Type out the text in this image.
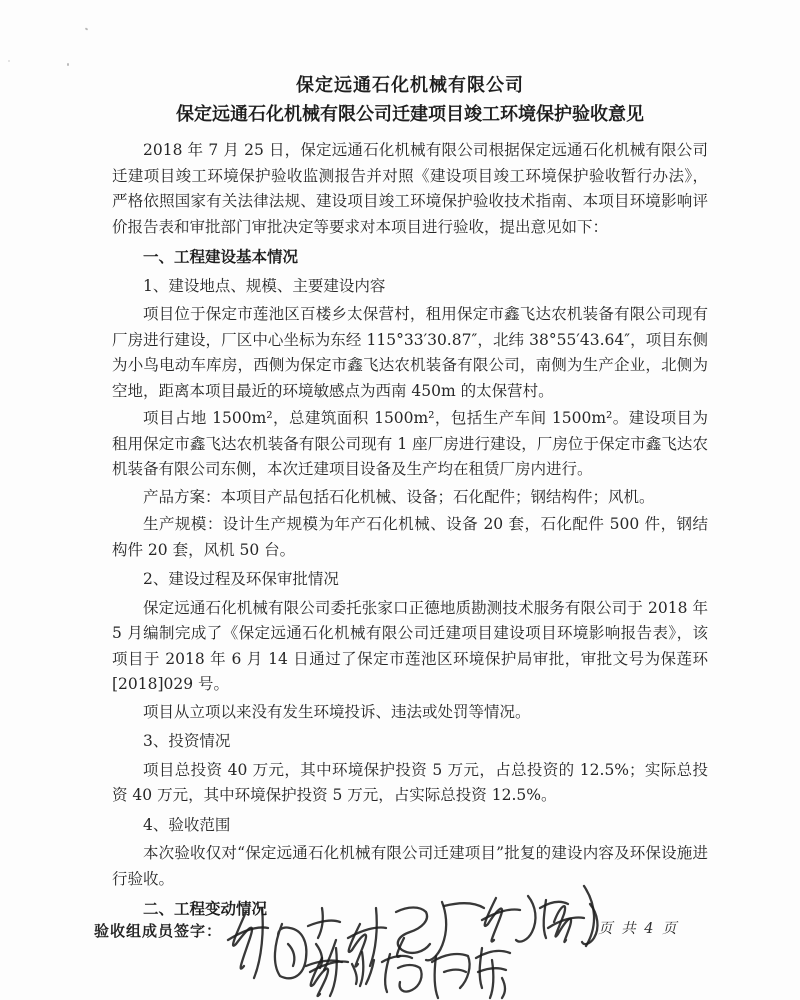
保定远通石化机械有限公司
保定远通石化机械有限公司迁建项目竣工环境保护验收意见
2018 年 7 月 25 日，保定远通石化机械有限公司根据保定远通石化机械有限公司迁建项目竣工环境保护验收监测报告并对照《建设项目竣工环境保护验收暂行办法》，严格依照国家有关法律法规、建设项目竣工环境保护验收技术指南、本项目环境影响评价报告表和审批部门审批决定等要求对本项目进行验收，提出意见如下：
一、工程建设基本情况
1、建设地点、规模、主要建设内容
项目位于保定市莲池区百楼乡太保营村，租用保定市鑫飞达农机装备有限公司现有厂房进行建设，厂区中心坐标为东经 115°33′30.87″，北纬 38°55′43.64″，项目东侧为小鸟电动车库房，西侧为保定市鑫飞达农机装备有限公司，南侧为生产企业，北侧为空地，距离本项目最近的环境敏感点为西南 450m 的太保营村。
项目占地 1500m²，总建筑面积 1500m²，包括生产车间 1500m²。建设项目为租用保定市鑫飞达农机装备有限公司现有 1 座厂房进行建设，厂房位于保定市鑫飞达农机装备有限公司东侧，本次迁建项目设备及生产均在租赁厂房内进行。
产品方案：本项目产品包括石化机械、设备；石化配件；钢结构件；风机。
生产规模：设计生产规模为年产石化机械、设备 20 套，石化配件 500 件，钢结构件 20 套，风机 50 台。
2、建设过程及环保审批情况
保定远通石化机械有限公司委托张家口正德地质勘测技术服务有限公司于 2018 年 5 月编制完成了《保定远通石化机械有限公司迁建项目建设项目环境影响报告表》，该项目于 2018 年 6 月 14 日通过了保定市莲池区环境保护局审批，审批文号为保莲环[2018]029 号。
项目从立项以来没有发生环境投诉、违法或处罚等情况。
3、投资情况
项目总投资 40 万元，其中环境保护投资 5 万元，占总投资的 12.5%；实际总投资 40 万元，其中环境保护投资 5 万元，占实际总投资 12.5%。
4、验收范围
本次验收仅对“保定远通石化机械有限公司迁建项目”批复的建设内容及环保设施进行验收。
二、工程变动情况
验收组成员签字：	页 共 4 页
